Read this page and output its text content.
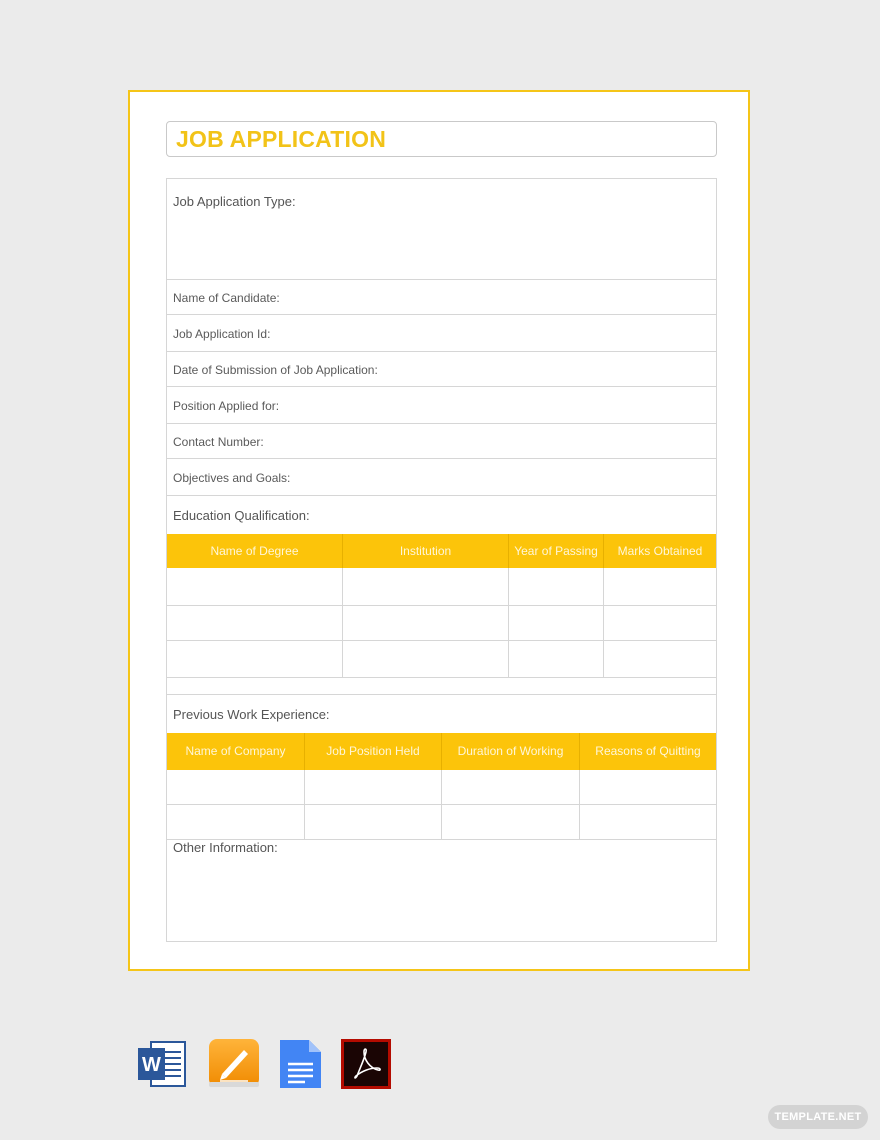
JOB APPLICATION
Job Application Type:
Name of Candidate:
Job Application Id:
Date of Submission of Job Application:
Position Applied for:
Contact Number:
Objectives and Goals:
Education Qualification:
Name of Degree	Institution	Year of Passing	Marks Obtained
Previous Work Experience:
Name of Company	Job Position Held	Duration of Working	Reasons of Quitting
Other Information:
W
TEMPLATE.NET
